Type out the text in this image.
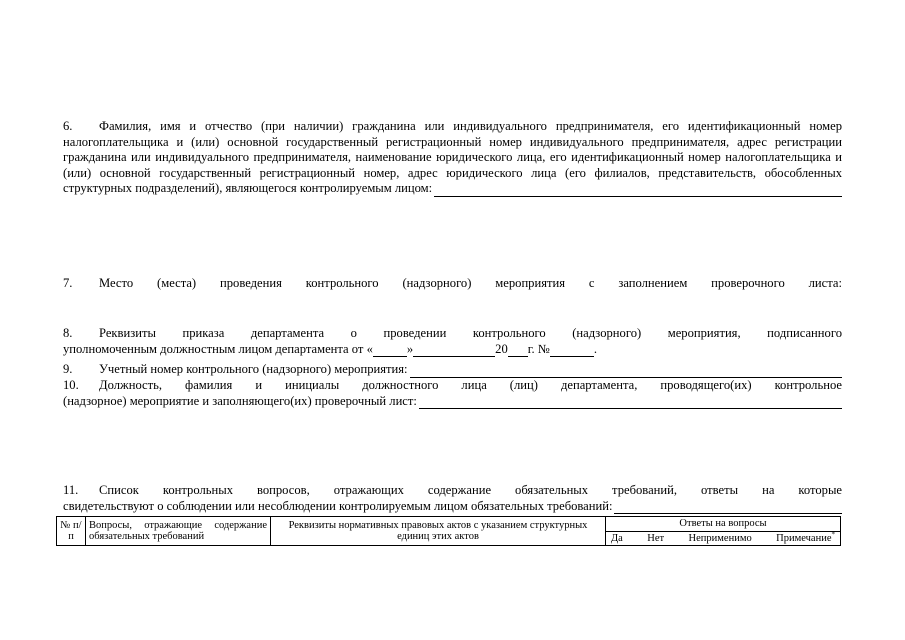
6. Фамилия, имя и отчество (при наличии) гражданина или индивидуального предпринимателя, его идентификационный номер налогоплательщика и (или) основной государственный регистрационный номер индивидуального предпринимателя, адрес регистрации гражданина или индивидуального предпринимателя, наименование юридического лица, его идентификационный номер налогоплательщика и (или) основной государственный регистрационный номер, адрес юридического лица (его филиалов, представительств, обособленных
структурных подразделений), являющегося контролируемым лицом:
7. Место (места) проведения контрольного (надзорного) мероприятия с заполнением проверочного листа:
8. Реквизиты приказа департамента о проведении контрольного (надзорного) мероприятия, подписанного
уполномоченным должностным лицом департамента от «	»	20 г. №	.
9.	Учетный номер контрольного (надзорного) мероприятия:
10. Должность, фамилия и инициалы должностного лица (лиц) департамента, проводящего(их) контрольное
(надзорное) мероприятие и заполняющего(их) проверочный лист:
11. Список контрольных вопросов, отражающих содержание обязательных требований, ответы на которые
свидетельствуют о соблюдении или несоблюдении контролируемым лицом обязательных требований:
№ п/п	Вопросы, отражающие содержание обязательных требований	Реквизиты нормативных правовых актов с указанием структурных единиц этих актов	Ответы на вопросы

Да Нет Неприменимо Примечание*
